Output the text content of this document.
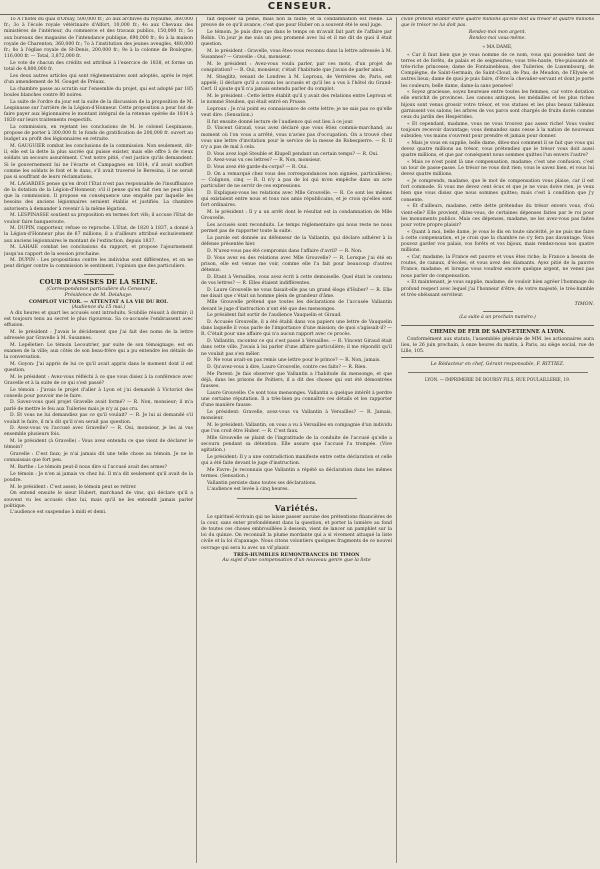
CENSEUR.

1o A l'hôtel du quai d'Orsay, 500,000 fr.; 2o aux archives du royaume, 360,000 fr.; 3o à l'école royale vétérinaire d'Alfort, 10,000 fr.; 4o aux Chevaux des ministères de l'intérieur, du commerce et des travaux publics, 150,000 fr.; 5o aux bureaux des magasins de l'intendance publique, 690,000 fr.; 6o à la maison royale de Charenton, 360,000 fr.; 7o à l'institution des jeunes aveugles, 480,000 fr.; 8o à l'église royale de St-Denis, 200,000 fr.; 9o à la colonne de Boulogne, 116,000 fr. — Total, 3,872,000 fr.

Le vote de chacun des crédits est attribué à l'exercice de 1838, et forme un total de 4,800,000 fr.

Les deux autres articles qui sont réglementaires sont adoptés, après le rejet d'un amendement de M. Gouget de Préaux.

La chambre passe au scrutin sur l'ensemble du projet, qui est adopté par 185 boules blanches contre 80 noires.

La suite de l'ordre du jour est la suite de la discussion de la proposition de M. Lespinasse sur l'arrière de la Légion-d'Honneur. Cette proposition a pour but de faire payer aux légionnaires le montant intégral de la retenue opérée de 1814 à 1820 sur leurs traitements respectifs.

La commission, en rejetant les conclusions de M. le colonel Lespinasse, propose de porter à 300,000 fr. le fonds de gratification de 200,000 fr. ouvert au budget au profit des légionnaires en retraite.

M. GAUGUIER combat les conclusions de la commission. Non seulement, dit-il, elle est la dette la plus sacrée qui puisse exister, mais elle offre à de vieux soldats un secours assurément. C'est notre pitié, c'est justice qu'ils demandent. Si le gouvernement lui ne l'écarte et Campagnes en 1814, s'il avait souffert comme les soldats le font et le dans, s'il avait traversé le Beresina, il ne serait pas si souffrant de leurs réclamations.

M. LAGARDES pense qu'en droit l'Etat n'est pas responsable de l'insuffisance de la dotation de la Légion-d'Honneur; s'il il pense qu'en fait rien ne peut plus que la commission. Il propose en conséquence une enquête par laquelle les besoins des anciens légionnaires seraient établis et justifiés. La chambre autorisera à demander à revenir à la même légation.

M. LESPINASSE soutient sa proposition en termes fort vifs; il accuse l'Etat de vouloir faire banqueroute.

M. DUPIN, rapporteur, refuse ce reproche. L'Etat, de 1820 à 1837, a donné à la Légion-d'Honneur plus de 67 millions; il a d'ailleurs attribué exclusivement aux anciens légionnaires le montant de l'extinction, depuis 1837.

M. LAHAIE combat les conclusions du rapport, et propose l'ajournement jusqu'au rapport de la session prochaine.

M. DUPIN : Les propositions contre les individus sont différentes, et on ne peut diriger contre la commission le sentiment, l'opinion que des particuliers.

COUR D'ASSISES DE LA SEINE.
(Correspondance particulière du Censeur.)
Présidence de M. Delahaye.
COMPLOT VICTOR. — ATTENTAT A LA VIE DU ROI.
(Audience du 15 mai.)

A dix heures et quart les accusés sont introduits. Scubilie réussit à dormir; il est toujours tenu au secret le plus rigoureux. Sa co-accusée l'embrassent avec effusion.

M. le président : J'avais le décidement que j'ai fait des noms de la lettre adressée par Gravelle à M. Susannes.

M. Lepéletier: Le témoin Lecoutrier, par suite de son témoignage, est en examen de la ville; aux côtés de son beau-frère qui a pu entendre les détails de la conversation.

M. Goyon: J'ai appris de lui ce qu'il avait appris dans le moment dont il est question.

M. le président : Avez-vous réfléchi à ce que vous disiez à la conférence avec Gravelle et à la suite de ce qui s'est passé?

Le témoin : J'avais le projet d'aller à Lyon et j'ai demandé à Victoriot des conseils pour pouvoir me le faire.

D. Savez-vous quel projet Gravelle avait formé? — R. Non, monsieur; il m'a parlé de mettre le feu aux Tuileries mais je n'y ai pas cru.

D. Et vous ne lui demandiez pas ce qu'il voulait? — R. Je lui ai demandé s'il voulait le faire, il m'a dit qu'il n'en serait pas question.

D. Avez-vous vu l'accusé avec Gravelle? — R. Oui, monsieur, je les ai vus ensemble plusieurs fois.

M. le président (à Gravelle) : Vous avez entendu ce que vient de déclarer le témoin?

Gravelle : C'est faux; je n'ai jamais dit une telle chose au témoin. Je ne le connaissais que fort peu.

M. Barthe : Le témoin peut-il nous dire si l'accusé avait des armes?

Le témoin : Je n'en ai jamais vu chez lui. Il m'a dit seulement qu'il avait de la poudre.

M. le président : C'est assez; le témoin peut se retirer.

On entend ensuite le sieur Hubert, marchand de vins, qui déclare qu'il a souvent vu les accusés chez lui, mais qu'il ne les entendit jamais parler politique.

L'audience est suspendue à midi et demi.

fait déposer sa peine, mais non la faute; et la condamnation est réelle. La preuve de ce qu'il avance, c'est que pour Huber on a souvent été le seul juge.

Le témoin. Je puis dire que dans le temps on m'avait fait part de l'affaire par Robin. Un jour je me suis un peu promené avec lui et il me dit de quoi il était question.

M. le président : Gravelle, vous êtes-vous reconnu dans la lettre adressée à M. Susannes? — Gravelle : Oui, monsieur.

M. le président : Avez-vous voulu parler, par ces mots, d'un projet de conspiration? — R. Oui, monsieur, c'était l'habitude que j'avais de parler ainsi.

M. Stieglitz, venant de Londres à M. Leproux, de Verrières de, Paris, est appelé; il déclare qu'il a connu les accusés et qu'il les a vus à l'hôtel du Grand-Cerf. Il ajoute qu'il n'a jamais entendu parler du complot.

M. le président : Cette lettre établit qu'il y avait des relations entre Leproux et le nommé Steuben, qui était entré en Prusse.

Leproux : Je n'ai point eu connaissance de cette lettre; je ne sais pas ce qu'elle veut dire. (Sensation.)

Il fut ensuite donné lecture de l'audience qui eut lieu à ce jour.

D. Vincent Giraud, vous avez déclaré que vous êtiez commis-marchand; au moment où l'on vous a arrêté, vous n'aviez pas d'occupation. On a trouvé chez vous une lettre d'invitation pour le service de la messe de Robespierre. — R. Il n'y a pas de mal à cela.

D. Vous avez logé Steuble et Klupell pendant un certain temps? — R. Oui.

D. Avez-vous vu ces lettres? — R. Non, monsieur.

D. Vous avez été garde-du-corps? — R. Oui.

D. On a remarqué chez vous des correspondances non signées, particulières; — Colignon, cinq — R. Il n'y a pas de loi qui m'en empêche dans un acte particulier de ne servir de ces expressions.

D. Expliquez-vous les relations avec Mlle Grouvelle. — R. Ce sont les mêmes qui existaient entre nous et tous nos amis républicains, et je crois qu'elles sont fort ordinaires.

M. le président : Il y a un arrêt dont le résultat est la condamnation de Mlle Grouvelle.

Les accusés sont reconduits. Le temps réglementaire qui nous reste ne nous permet pas de rapporter toute la suite.

La parole est donnée au défenseur de la Vallantin, qui déclare adhérer à la défense présentée hier.

D. N'avez-vous pas été compromis dans l'affaire d'avril? — R. Non.

D. Vous avez eu des relations avec Mlle Grouvelle? — R. Lorsque j'ai été en prison, elle est venue me voir, comme elle l'a fait pour beaucoup d'autres détenus.

D. Etant à Versailles, vous avez écrit à cette demoiselle. Quel était le contenu de vos lettres? — R. Elles étaient indifférentes.

D. Laure Grouvelle ne vous faisait-elle pas un grand éloge d'Huber? — R. Elle me disait que c'était un homme plein de grandeur d'âme.

Mlle Grouvelle prétend que toutes les déclarations de l'accusée Vallantin devant le juge d'instruction n'ont été que des mensonges.

Le président fait sortir de l'audience Vauquelin et Giraud.

D. Accusée Grouvelle, il a été établi dans vos papiers une lettre de Vauquelin dans laquelle il vous parle de l'importance d'une mission; de quoi s'agissait-il? — R. C'était pour une affaire qui n'a aucun rapport avec ce procès.

D. Vallantin, racontez ce qui s'est passé à Versailles. — R. Vincent Giraud était dans cette ville. J'avais à lui parler d'une affaire particulière; il me répondit qu'il ne voulait pas s'en mêler.

D. Ne vous avait-on pas remis une lettre pour le prince? — R. Non, jamais.

D. Qu'avez-vous à dire, Laure Grouvelle, contre ces faits? — R. Rien.

Me Parent: Je fais observer que Vallantin a l'habitude du mensonge, et que déjà, dans les prisons de Poitiers, il a dit des choses qui ont été démontrées fausses.

Laure Grouvelle: Ce sont tous mensonges. Vallantin a quelque intérêt à perdre une certaine réputation. Il a très-bien pu connaître ces détails et les rapporter d'une manière fausse.

Le président: Gravelle, avez-vous vu Vallantin à Versailles? — R. Jamais, monsieur.

M. le président: Vallantin, on vous a vu à Versailles en compagnie d'un individu que l'on croit être Huber. — R. C'est faux.

Mlle Grouvelle se plaint de l'ingratitude de la conduite de l'accusé qu'elle a secouru pendant sa détention. Elle assure que l'accusé l'a trompée. (Vive agitation.)

Le président: Il y a une contradiction manifeste entre cette déclaration et celle qui a été faite devant le juge d'instruction.

Me Favre: Je reconnais que Vallantin a répété sa déclaration dans les mêmes termes. (Sensation.)

Vallantin persiste dans toutes ses déclarations.

L'audience est levée à cinq heures.

Variétés.

Le spirituel écrivain qui ne laisse passer aucune des prétentions financières de la cour, sans enter profondément dans la question, et porter la lumière au fond de toutes ces choses embrouillées à dessein, vient de lancer un pamphlet sur la loi du quinze. On reconnaît la plume mordante qui a si vivement attaqué la liste civile et la loi d'apanage. Nous citons volontiers quelques fragments de ce nouvel ouvrage qui sera lu avec un vif plaisir.

TRÈS-HUMBLES REMONTRANCES DE TIMON
Au sujet d'une compensation d'un nouveau genre que la liste

civile prétend établir entre quatre millions qu'elle doit au trésor et quatre millions que le trésor ne lui doit pas.

Rendez-moi mon argent.
Rendez-moi vous-même.
« MA DAME,

« Car il faut bien que je vous nomme de ce nom, vous qui possédez tant de terres et de forêts, de palais et de seigneuries; vous très-haute, très-puissante et très-riche princesse; dame de Fontainebleau, des Tuileries, de Luxembourg, de Compiègne, de Saint-Germain, de Saint-Cloud, de Pau, de Meudon, de l'Elysée et autres lieux; dame de quoi je puis faire, d'être la chevalier-servant et dont je porte les couleurs; belle dame, dame-la sans pensées!

« Soyez gracieuse, soyez heureuse entre toutes les femmes, car votre dotation elle enrichit de provinces. Les canons antiques, les médailles et les plus riches bijoux sont venus grossir votre trésor, et vos statues et les plus beaux tableaux garnissent vos salons; les arbres de vos parcs sont chargés de fruits dorés comme ceux du jardin des Hespérides.

« Et cependant, madame, vous ne vous trouvez pas assez riche! Vous voulez toujours recevoir davantage; vous demandez sans cesse à la nation de nouveaux subsides; vos mains s'ouvrent pour prendre et jamais pour donner.

« Mais je vous en supplie, belle dame, dites-moi comment il se fait que vous qui devez quatre millions au trésor, vous prétendiez que le trésor vous doit aussi quatre millions, et que par conséquent nous sommes quittes l'un envers l'autre?

« Mais ce n'est point là une compensation, madame; c'est une confusion, c'est un tour de passe-passe. Le trésor ne vous doit rien; vous le savez bien, et vous lui devez quatre millions.

« Je comprends, madame, que le mot de compensation vous plaise, car il est fort commode. Si vous me devez cent écus et que je ne vous doive rien, je veux bien que vous disiez que nous sommes quittes; mais c'est à condition que j'y consente.

« Et d'ailleurs, madame, cette dette prétendue du trésor envers vous, d'où vient-elle? Elle provient, dites-vous, de certaines dépenses faites par le roi pour les monuments publics. Mais ces dépenses, madame, ne les avez-vous pas faites pour votre propre plaisir?

« Quant à moi, belle dame, je vous le dis en toute sincérité, je ne puis me faire à cette compensation, et je crois que la chambre ne s'y fera pas davantage. Vous pouvez garder vos palais, vos forêts et vos bijoux, mais rendez-nous nos quatre millions.

« Car, madame, la France est pauvre et vous êtes riche; la France a besoin de routes, de canaux, d'écoles, et vous avez des diamants. Ayez pitié de la pauvre France, madame; et lorsque vous voudrez encore quelque argent, ne venez pas nous parler de compensation.

« Et maintenant, je vous supplie, madame, de vouloir bien agréer l'hommage du profond respect avec lequel j'ai l'honneur d'être, de votre majesté, le très-humble et très-obéissant serviteur.

TIMON.
(La suite à un prochain numéro.)
CHEMIN DE FER DE SAINT-ETIENNE A LYON.

Conformément aux statuts, l'assemblée générale de MM. les actionnaires aura lieu, le 26 juin prochain, à onze heures du matin, à Paris, au siège social, rue de Lille, 105.

Le Rédacteur en chef, Gérant responsable, F. RITTIEZ.
LYON. — IMPRIMERIE DE BOURSY FILS, RUE POULAILLERIE, 19.
